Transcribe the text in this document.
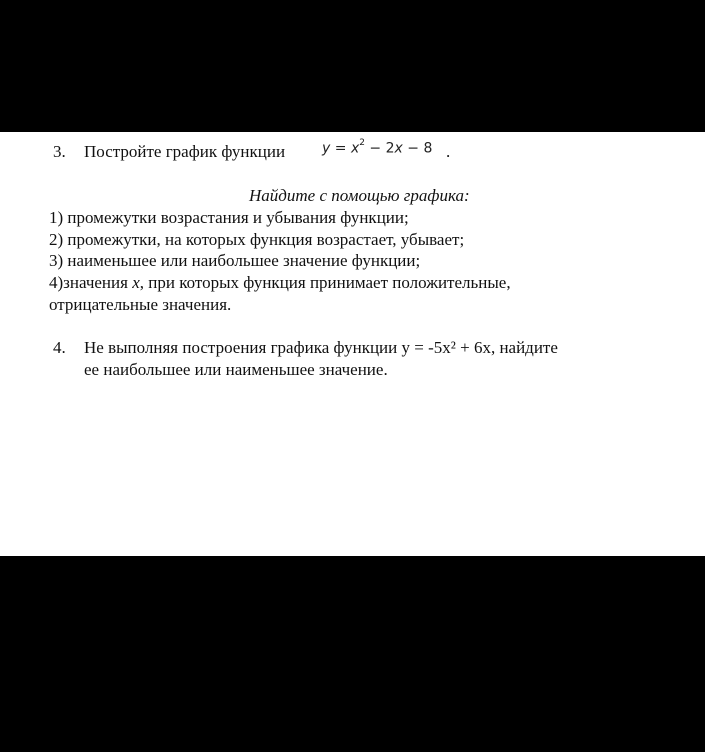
3. Постройте график функции	$y = x^2 - 2x - 8$ .
Найдите с помощью графика:
1) промежутки возрастания и убывания функции;
2) промежутки, на которых функция возрастает, убывает;
3) наименьшее или наибольшее значение функции;
4)значения x, при которых функция принимает положительные,
отрицательные значения.
4. Не выполняя построения графика функции y = -5x² + 6x, найдите
ее наибольшее или наименьшее значение.
